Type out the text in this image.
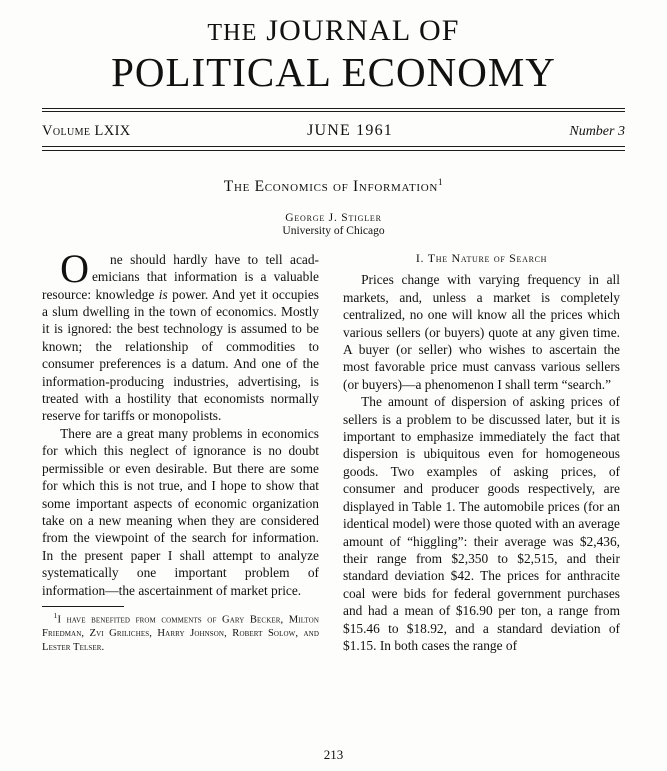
THE JOURNAL OF
POLITICAL ECONOMY
Volume LXIX	JUNE 1961	Number 3
The Economics of Information$^1$
George J. Stigler
University of Chicago

O ne should hardly have to tell acad- emicians that information is a valuable resource: knowledge is power. And yet it occupies a slum dwelling in the town of economics. Mostly it is ignored: the best technology is assumed to be known; the relationship of commodities to consumer preferences is a datum. And one of the information-producing industries, advertising, is treated with a hostility that economists normally reserve for tariffs or monopolists.

There are a great many problems in economics for which this neglect of ignorance is no doubt permissible or even desirable. But there are some for which this is not true, and I hope to show that some important aspects of economic organization take on a new meaning when they are considered from the viewpoint of the search for information. In the present paper I shall attempt to analyze systematically one important problem of information—the ascertainment of market price.

$^1$I have benefited from comments of Gary Becker, Milton Friedman, Zvi Griliches, Harry Johnson, Robert Solow, and Lester Telser.
I. The Nature of Search

Prices change with varying frequency in all markets, and, unless a market is completely centralized, no one will know all the prices which various sellers (or buyers) quote at any given time. A buyer (or seller) who wishes to ascertain the most favorable price must canvass various sellers (or buyers)—a phenomenon I shall term “search.”

The amount of dispersion of asking prices of sellers is a problem to be discussed later, but it is important to emphasize immediately the fact that dispersion is ubiquitous even for homogeneous goods. Two examples of asking prices, of consumer and producer goods respectively, are displayed in Table 1. The automobile prices (for an identical model) were those quoted with an average amount of “higgling”: their average was $2,436, their range from $2,350 to $2,515, and their standard deviation $42. The prices for anthracite coal were bids for federal government purchases and had a mean of $16.90 per ton, a range from $15.46 to $18.92, and a standard deviation of $1.15. In both cases the range of

213
